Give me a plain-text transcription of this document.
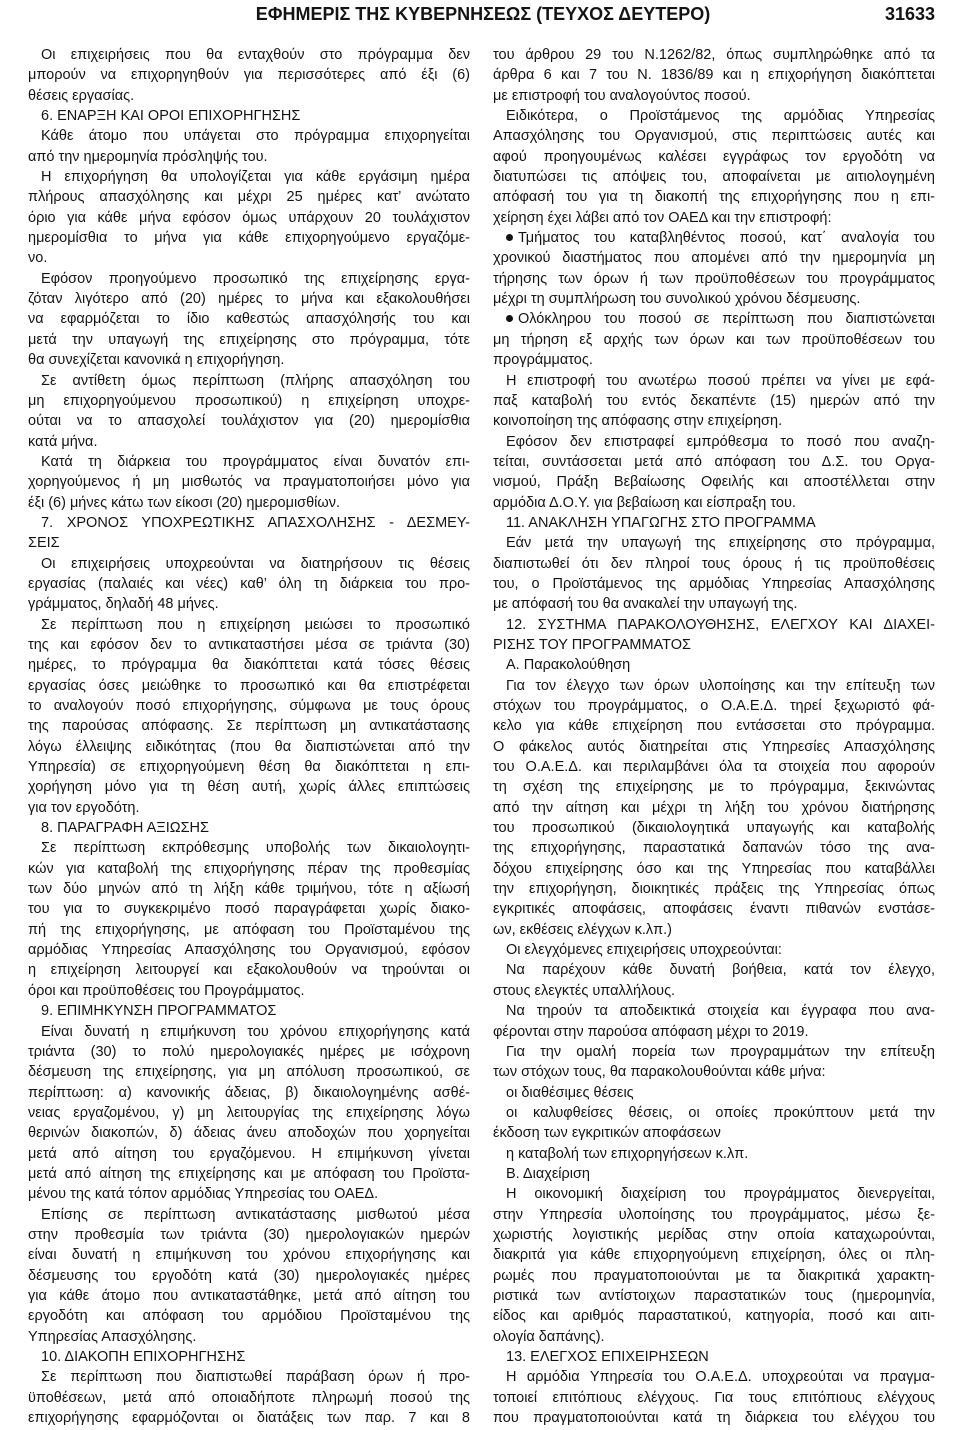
ΕΦΗΜΕΡΙΣ ΤΗΣ ΚΥΒΕΡΝΗΣΕΩΣ (ΤΕΥΧΟΣ ΔΕΥΤΕΡΟ)	31633
Οι επιχειρήσεις που θα ενταχθούν στο πρόγραμμα δεν
μπορούν να επιχορηγηθούν για περισσότερες από έξι (6)
θέσεις εργασίας.
6. ΕΝΑΡΞΗ ΚΑΙ ΟΡΟΙ ΕΠΙΧΟΡΗΓΗΣΗΣ
Κάθε άτομο που υπάγεται στο πρόγραμμα επιχορηγείται
από την ημερομηνία πρόσληψής του.
Η επιχορήγηση θα υπολογίζεται για κάθε εργάσιμη ημέρα
πλήρους απασχόλησης και μέχρι 25 ημέρες κατ’ ανώτατο
όριο για κάθε μήνα εφόσον όμως υπάρχουν 20 τουλάχιστον
ημερομίσθια το μήνα για κάθε επιχορηγούμενο εργαζόμε-
νο.
Εφόσον προηγούμενο προσωπικό της επιχείρησης εργα-
ζόταν λιγότερο από (20) ημέρες το μήνα και εξακολουθήσει
να εφαρμόζεται το ίδιο καθεστώς απασχόλησής του και
μετά την υπαγωγή της επιχείρησης στο πρόγραμμα, τότε
θα συνεχίζεται κανονικά η επιχορήγηση.
Σε αντίθετη όμως περίπτωση (πλήρης απασχόληση του
μη επιχορηγούμενου προσωπικού) η επιχείρηση υποχρε-
ούται να το απασχολεί τουλάχιστον για (20) ημερομίσθια
κατά μήνα.
Κατά τη διάρκεια του προγράμματος είναι δυνατόν επι-
χορηγούμενος ή μη μισθωτός να πραγματοποιήσει μόνο για
έξι (6) μήνες κάτω των είκοσι (20) ημερομισθίων.
7. ΧΡΟΝΟΣ ΥΠΟΧΡΕΩΤΙΚΗΣ ΑΠΑΣΧΟΛΗΣΗΣ - ΔΕΣΜΕΥ-
ΣΕΙΣ
Οι επιχειρήσεις υποχρεούνται να διατηρήσουν τις θέσεις
εργασίας (παλαιές και νέες) καθ’ όλη τη διάρκεια του προ-
γράμματος, δηλαδή 48 μήνες.
Σε περίπτωση που η επιχείρηση μειώσει το προσωπικό
της και εφόσον δεν το αντικαταστήσει μέσα σε τριάντα (30)
ημέρες, το πρόγραμμα θα διακόπτεται κατά τόσες θέσεις
εργασίας όσες μειώθηκε το προσωπικό και θα επιστρέφεται
το αναλογούν ποσό επιχορήγησης, σύμφωνα με τους όρους
της παρούσας απόφασης. Σε περίπτωση μη αντικατάστασης
λόγω έλλειψης ειδικότητας (που θα διαπιστώνεται από την
Υπηρεσία) σε επιχορηγούμενη θέση θα διακόπτεται η επι-
χορήγηση μόνο για τη θέση αυτή, χωρίς άλλες επιπτώσεις
για τον εργοδότη.
8. ΠΑΡΑΓΡΑΦΗ ΑΞΙΩΣΗΣ
Σε περίπτωση εκπρόθεσμης υποβολής των δικαιολογητι-
κών για καταβολή της επιχορήγησης πέραν της προθεσμίας
των δύο μηνών από τη λήξη κάθε τριμήνου, τότε η αξίωσή
του για το συγκεκριμένο ποσό παραγράφεται χωρίς διακο-
πή της επιχορήγησης, με απόφαση του Προϊσταμένου της
αρμόδιας Υπηρεσίας Απασχόλησης του Οργανισμού, εφόσον
η επιχείρηση λειτουργεί και εξακολουθούν να τηρούνται οι
όροι και προϋποθέσεις του Προγράμματος.
9. ΕΠΙΜΗΚΥΝΣΗ ΠΡΟΓΡΑΜΜΑΤΟΣ
Είναι δυνατή η επιμήκυνση του χρόνου επιχορήγησης κατά
τριάντα (30) το πολύ ημερολογιακές ημέρες με ισόχρονη
δέσμευση της επιχείρησης, για μη απόλυση προσωπικού, σε
περίπτωση: α) κανονικής άδειας, β) δικαιολογημένης ασθέ-
νειας εργαζομένου, γ) μη λειτουργίας της επιχείρησης λόγω
θερινών διακοπών, δ) άδειας άνευ αποδοχών που χορηγείται
μετά από αίτηση του εργαζόμενου. Η επιμήκυνση γίνεται
μετά από αίτηση της επιχείρησης και με απόφαση του Προϊστα-
μένου της κατά τόπον αρμόδιας Υπηρεσίας του ΟΑΕΔ.
Επίσης σε περίπτωση αντικατάστασης μισθωτού μέσα
στην προθεσμία των τριάντα (30) ημερολογιακών ημερών
είναι δυνατή η επιμήκυνση του χρόνου επιχορήγησης και
δέσμευσης του εργοδότη κατά (30) ημερολογιακές ημέρες
για κάθε άτομο που αντικαταστάθηκε, μετά από αίτηση του
εργοδότη και απόφαση του αρμόδιου Προϊσταμένου της
Υπηρεσίας Απασχόλησης.
10. ΔΙΑΚΟΠΗ ΕΠΙΧΟΡΗΓΗΣΗΣ
Σε περίπτωση που διαπιστωθεί παράβαση όρων ή προ-
ϋποθέσεων, μετά από οποιαδήποτε πληρωμή ποσού της
επιχορήγησης εφαρμόζονται οι διατάξεις των παρ. 7 και 8
του άρθρου 29 του Ν.1262/82, όπως συμπληρώθηκε από τα
άρθρα 6 και 7 του Ν. 1836/89 και η επιχορήγηση διακόπτεται
με επιστροφή του αναλογούντος ποσού.
Ειδικότερα, ο Προϊστάμενος της αρμόδιας Υπηρεσίας
Απασχόλησης του Οργανισμού, στις περιπτώσεις αυτές και
αφού προηγουμένως καλέσει εγγράφως τον εργοδότη να
διατυπώσει τις απόψεις του, αποφαίνεται με αιτιολογημένη
απόφασή του για τη διακοπή της επιχορήγησης που η επι-
χείρηση έχει λάβει από τον ΟΑΕΔ και την επιστροφή:
Τμήματος του καταβληθέντος ποσού, κατ΄ αναλογία του
χρονικού διαστήματος που απομένει από την ημερομηνία μη
τήρησης των όρων ή των προϋποθέσεων του προγράμματος
μέχρι τη συμπλήρωση του συνολικού χρόνου δέσμευσης.
Ολόκληρου του ποσού σε περίπτωση που διαπιστώνεται
μη τήρηση εξ αρχής των όρων και των προϋποθέσεων του
προγράμματος.
Η επιστροφή του ανωτέρω ποσού πρέπει να γίνει με εφά-
παξ καταβολή του εντός δεκαπέντε (15) ημερών από την
κοινοποίηση της απόφασης στην επιχείρηση.
Εφόσον δεν επιστραφεί εμπρόθεσμα το ποσό που αναζη-
τείται, συντάσσεται μετά από απόφαση του Δ.Σ. του Οργα-
νισμού, Πράξη Βεβαίωσης Οφειλής και αποστέλλεται στην
αρμόδια Δ.Ο.Υ. για βεβαίωση και είσπραξη του.
11. ΑΝΑΚΛΗΣΗ ΥΠΑΓΩΓΗΣ ΣΤΟ ΠΡΟΓΡΑΜΜΑ
Εάν μετά την υπαγωγή της επιχείρησης στο πρόγραμμα,
διαπιστωθεί ότι δεν πληροί τους όρους ή τις προϋποθέσεις
του, ο Προϊστάμενος της αρμόδιας Υπηρεσίας Απασχόλησης
με απόφασή του θα ανακαλεί την υπαγωγή της.
12. ΣΥΣΤΗΜΑ ΠΑΡΑΚΟΛΟΥΘΗΣΗΣ, ΕΛΕΓΧΟΥ ΚΑΙ ΔΙΑΧΕΙ-
ΡΙΣΗΣ ΤΟΥ ΠΡΟΓΡΑΜΜΑΤΟΣ
Α. Παρακολούθηση
Για τον έλεγχο των όρων υλοποίησης και την επίτευξη των
στόχων του προγράμματος, ο Ο.Α.Ε.Δ. τηρεί ξεχωριστό φά-
κελο για κάθε επιχείρηση που εντάσσεται στο πρόγραμμα.
Ο φάκελος αυτός διατηρείται στις Υπηρεσίες Απασχόλησης
του Ο.Α.Ε.Δ. και περιλαμβάνει όλα τα στοιχεία που αφορούν
τη σχέση της επιχείρησης με το πρόγραμμα, ξεκινώντας
από την αίτηση και μέχρι τη λήξη του χρόνου διατήρησης
του προσωπικού (δικαιολογητικά υπαγωγής και καταβολής
της επιχορήγησης, παραστατικά δαπανών τόσο της ανα-
δόχου επιχείρησης όσο και της Υπηρεσίας που καταβάλλει
την επιχορήγηση, διοικητικές πράξεις της Υπηρεσίας όπως
εγκριτικές αποφάσεις, αποφάσεις έναντι πιθανών ενστάσε-
ων, εκθέσεις ελέγχων κ.λπ.)
Οι ελεγχόμενες επιχειρήσεις υποχρεούνται:
Να παρέχουν κάθε δυνατή βοήθεια, κατά τον έλεγχο,
στους ελεγκτές υπαλλήλους.
Να τηρούν τα αποδεικτικά στοιχεία και έγγραφα που ανα-
φέρονται στην παρούσα απόφαση μέχρι το 2019.
Για την ομαλή πορεία των προγραμμάτων την επίτευξη
των στόχων τους, θα παρακολουθούνται κάθε μήνα:
οι διαθέσιμες θέσεις
οι καλυφθείσες θέσεις, οι οποίες προκύπτουν μετά την
έκδοση των εγκριτικών αποφάσεων
η καταβολή των επιχορηγήσεων κ.λπ.
Β. Διαχείριση
Η οικονομική διαχείριση του προγράμματος διενεργείται,
στην Υπηρεσία υλοποίησης του προγράμματος, μέσω ξε-
χωριστής λογιστικής μερίδας στην οποία καταχωρούνται,
διακριτά για κάθε επιχορηγούμενη επιχείρηση, όλες οι πλη-
ρωμές που πραγματοποιούνται με τα διακριτικά χαρακτη-
ριστικά των αντίστοιχων παραστατικών τους (ημερομηνία,
είδος και αριθμός παραστατικού, κατηγορία, ποσό και αιτι-
ολογία δαπάνης).
13. ΕΛΕΓΧΟΣ ΕΠΙΧΕΙΡΗΣΕΩΝ
Η αρμόδια Υπηρεσία του Ο.Α.Ε.Δ. υποχρεούται να πραγμα-
τοποιεί επιτόπιους ελέγχους. Για τους επιτόπιους ελέγχους
που πραγματοποιούνται κατά τη διάρκεια του ελέγχου του
